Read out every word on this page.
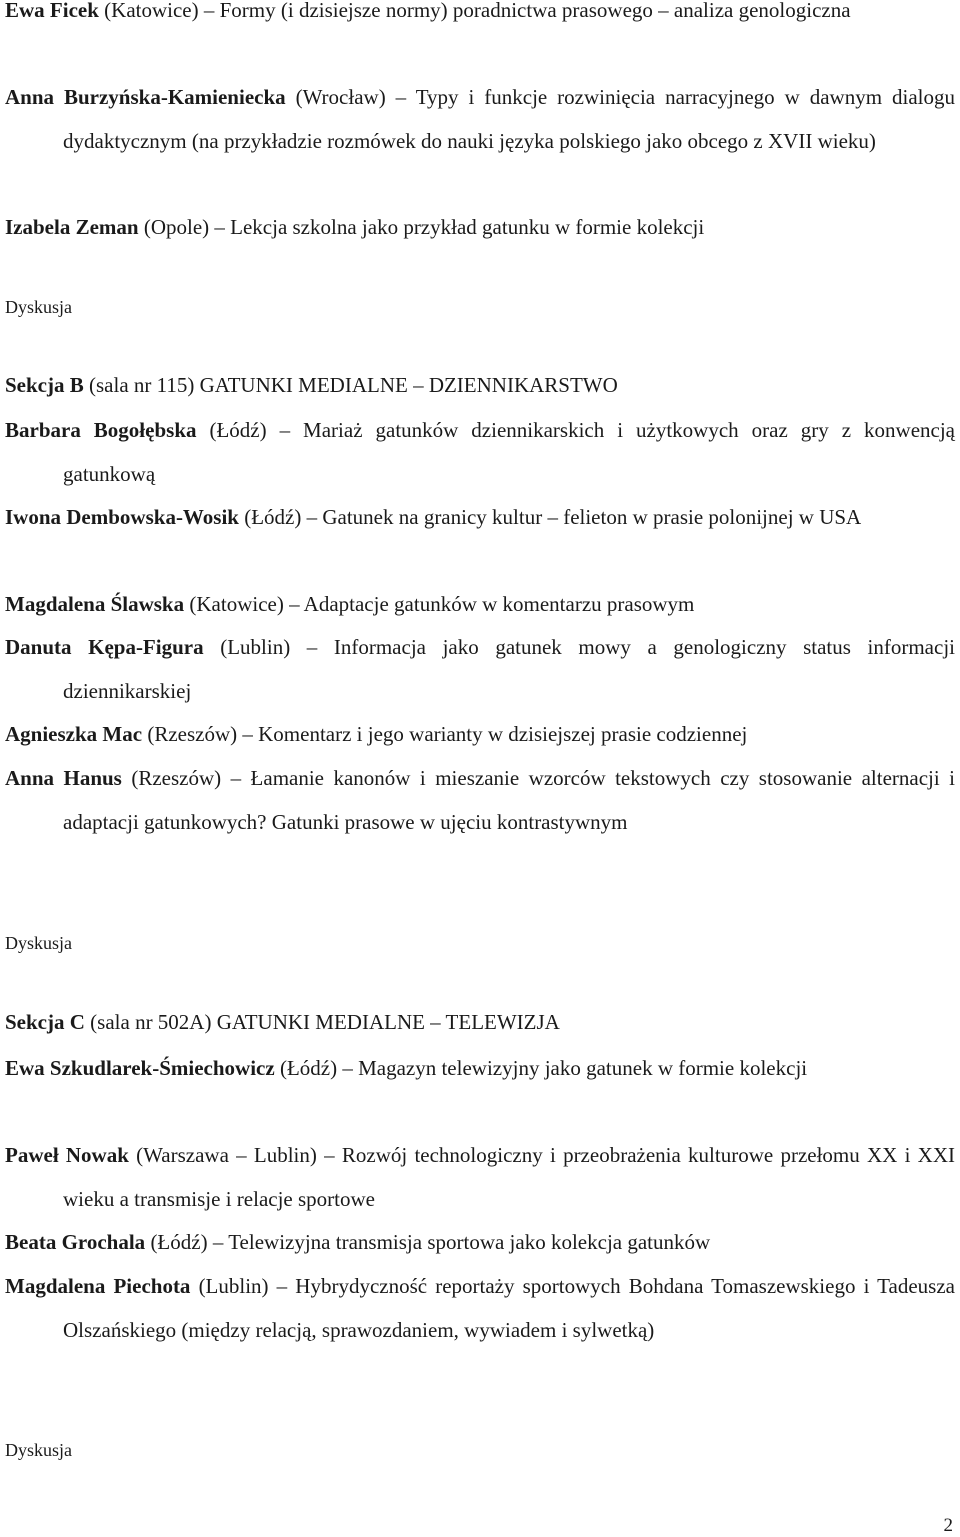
Ewa Ficek (Katowice) – Formy (i dzisiejsze normy) poradnictwa prasowego – analiza genologiczna
Anna Burzyńska-Kamieniecka (Wrocław) – Typy i funkcje rozwinięcia narracyjnego w dawnym dialogu dydaktycznym (na przykładzie rozmówek do nauki języka polskiego jako obcego z XVII wieku)
Izabela Zeman (Opole) – Lekcja szkolna jako przykład gatunku w formie kolekcji
Dyskusja
Sekcja B (sala nr 115) GATUNKI MEDIALNE – DZIENNIKARSTWO
Barbara Bogołębska (Łódź) – Mariaż gatunków dziennikarskich i użytkowych oraz gry z konwencją gatunkową
Iwona Dembowska-Wosik (Łódź) – Gatunek na granicy kultur – felieton w prasie polonijnej w USA
Magdalena Ślawska (Katowice) – Adaptacje gatunków w komentarzu prasowym
Danuta Kępa-Figura (Lublin) – Informacja jako gatunek mowy a genologiczny status informacji dziennikarskiej
Agnieszka Mac (Rzeszów) – Komentarz i jego warianty w dzisiejszej prasie codziennej
Anna Hanus (Rzeszów) – Łamanie kanonów i mieszanie wzorców tekstowych czy stosowanie alternacji i adaptacji gatunkowych? Gatunki prasowe w ujęciu kontrastywnym
Dyskusja
Sekcja C (sala nr 502A) GATUNKI MEDIALNE – TELEWIZJA
Ewa Szkudlarek-Śmiechowicz (Łódź) – Magazyn telewizyjny jako gatunek w formie kolekcji
Paweł Nowak (Warszawa – Lublin) – Rozwój technologiczny i przeobrażenia kulturowe przełomu XX i XXI wieku a transmisje i relacje sportowe
Beata Grochala (Łódź) – Telewizyjna transmisja sportowa jako kolekcja gatunków
Magdalena Piechota (Lublin) – Hybrydyczność reportaży sportowych Bohdana Tomaszewskiego i Tadeusza Olszańskiego (między relacją, sprawozdaniem, wywiadem i sylwetką)
Dyskusja
2
